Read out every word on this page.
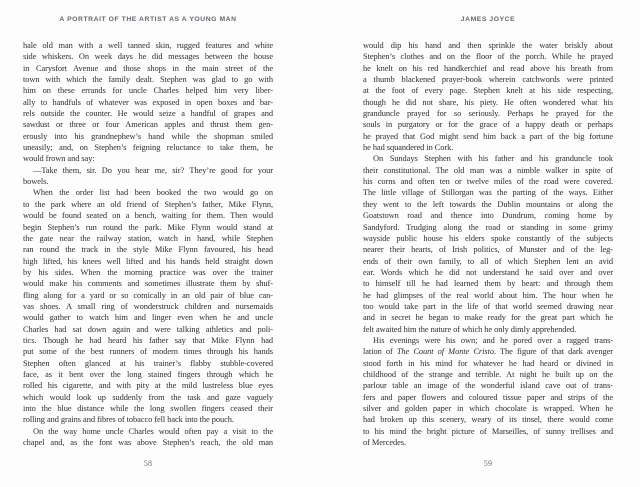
A PORTRAIT OF THE ARTIST AS A YOUNG MAN
hale old man with a well tanned skin, rugged features and white
side whiskers. On week days he did messages between the house
in Carysfort Avenue and those shops in the main street of the
town with which the family dealt. Stephen was glad to go with
him on these errands for uncle Charles helped him very liber-
ally to handfuls of whatever was exposed in open boxes and bar-
rels outside the counter. He would seize a handful of grapes and
sawdust or three or four American apples and thrust them gen-
erously into his grandnephew’s hand while the shopman smiled
uneasily; and, on Stephen’s feigning reluctance to take them, he
would frown and say:
—Take them, sir. Do you hear me, sir? They’re good for your
bowels.
When the order list had been booked the two would go on
to the park where an old friend of Stephen’s father, Mike Flynn,
would be found seated on a bench, waiting for them. Then would
begin Stephen’s run round the park. Mike Flynn would stand at
the gate near the railway station, watch in hand, while Stephen
ran round the track in the style Mike Flynn favoured, his head
high lifted, his knees well lifted and his hands held straight down
by his sides. When the morning practice was over the trainer
would make his comments and sometimes illustrate them by shuf-
fling along for a yard or so comically in an old pair of blue can-
vas shoes. A small ring of wonderstruck children and nursemaids
would gather to watch him and linger even when he and uncle
Charles had sat down again and were talking athletics and poli-
tics. Though he had heard his father say that Mike Flynn had
put some of the best runners of modern times through his hands
Stephen often glanced at his trainer’s flabby stubble-covered
face, as it bent over the long stained fingers through which he
rolled his cigarette, and with pity at the mild lustreless blue eyes
which would look up suddenly from the task and gaze vaguely
into the blue distance while the long swollen fingers ceased their
rolling and grains and fibres of tobacco fell back into the pouch.
On the way home uncle Charles would often pay a visit to the
chapel and, as the font was above Stephen’s reach, the old man
58
JAMES JOYCE
would dip his hand and then sprinkle the water briskly about
Stephen’s clothes and on the floor of the porch. While he prayed
he knelt on his red handkerchief and read above his breath from
a thumb blackened prayer-book wherein catchwords were printed
at the foot of every page. Stephen knelt at his side respecting,
though he did not share, his piety. He often wondered what his
granduncle prayed for so seriously. Perhaps he prayed for the
souls in purgatory or for the grace of a happy death or perhaps
he prayed that God might send him back a part of the big fortune
he had squandered in Cork.
On Sundays Stephen with his father and his granduncle took
their constitutional. The old man was a nimble walker in spite of
his corns and often ten or twelve miles of the road were covered.
The little village of Stillorgan was the parting of the ways. Either
they went to the left towards the Dublin mountains or along the
Goatstown road and thence into Dundrum, coming home by
Sandyford. Trudging along the road or standing in some grimy
wayside public house his elders spoke constantly of the subjects
nearer their hearts, of Irish politics, of Munster and of the leg-
ends of their own family, to all of which Stephen lent an avid
ear. Words which he did not understand he said over and over
to himself till he had learned them by heart: and through them
he had glimpses of the real world about him. The hour when he
too would take part in the life of that world seemed drawing near
and in secret he began to make ready for the great part which he
felt awaited him the nature of which he only dimly apprehended.
His evenings were his own; and he pored over a ragged trans-
lation of The Count of Monte Cristo. The figure of that dark avenger
stood forth in his mind for whatever he had heard or divined in
childhood of the strange and terrible. At night he built up on the
parlour table an image of the wonderful island cave out of trans-
fers and paper flowers and coloured tissue paper and strips of the
silver and golden paper in which chocolate is wrapped. When he
had broken up this scenery, weary of its tinsel, there would come
to his mind the bright picture of Marseilles, of sunny trellises and
of Mercedes.
59
